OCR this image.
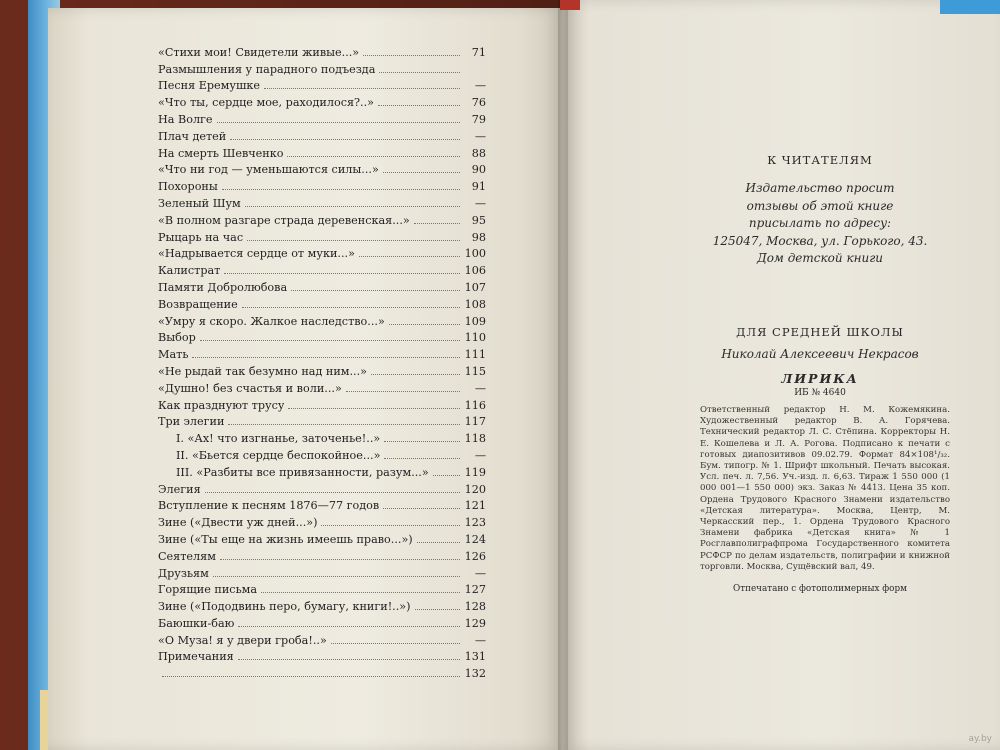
«Стихи мои! Свидетели живые...»	71
Размышления у парадного подъезда
Песня Еремушке	—
«Что ты, сердце мое, раходилося?..»	76
На Волге	79
Плач детей	—
На смерть Шевченко	88
«Что ни год — уменьшаются силы...»	90
Похороны	91
Зеленый Шум	—
«В полном разгаре страда деревенская...»	95
Рыцарь на час	98
«Надрывается сердце от муки...»	100
Калистрат	106
Памяти Добролюбова	107
Возвращение	108
«Умру я скоро. Жалкое наследство...»	109
Выбор	110
Мать	111
«Не рыдай так безумно над ним...»	115
«Душно! без счастья и воли...»	—
Как празднуют трусу	116
Три элегии	117
I. «Ах! что изгнанье, заточенье!..»	118
II. «Бьется сердце беспокойное...»	—
III. «Разбиты все привязанности, разум...»	119
Элегия	120
Вступление к песням 1876—77 годов	121
Зине («Двести уж дней...»)	123
Зине («Ты еще на жизнь имеешь право...»)	124
Сеятелям	126
Друзьям	—
Горящие письма	127
Зине («Пододвинь перо, бумагу, книги!..»)	128
Баюшки-баю	129
«О Муза! я у двери гроба!..»	—
Примечания	131
132
К ЧИТАТЕЛЯМ
Издательство просит
отзывы об этой книге
присылать по адресу:
125047, Москва, ул. Горького, 43.
Дом детской книги
ДЛЯ СРЕДНЕЙ ШКОЛЫ
Николай Алексеевич Некрасов
ЛИРИКА
ИБ № 4640

Ответственный редактор Н. М. Кожемякина. Художественный редактор В. А. Горячева. Технический редактор Л. С. Стёпина. Корректоры Н. Е. Кошелева и Л. А. Рогова. Подписано к печати с готовых диапозитивов 09.02.79. Формат 84×108¹/₃₂. Бум. типогр. № 1. Шрифт школьный. Печать высокая. Усл. печ. л. 7,56. Уч.-изд. л. 6,63. Тираж 1 550 000 (1 000 001—1 550 000) экз. Заказ № 4413. Цена 35 коп. Ордена Трудового Красного Знамени издательство «Детская литература». Москва, Центр, М. Черкасский пер., 1. Ордена Трудового Красного Знамени фабрика «Детская книга» № 1 Росглавполиграфпрома Государственного комитета РСФСР по делам издательств, полиграфии и книжной торговли. Москва, Сущёвский вал, 49.

Отпечатано с фотополимерных форм
ay.by
